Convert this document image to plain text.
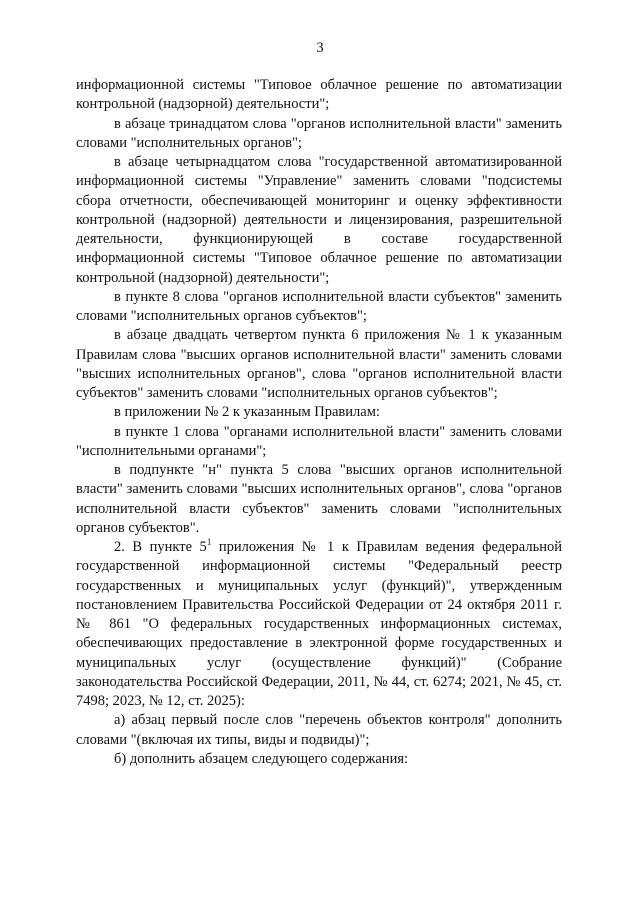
3

информационной системы "Типовое облачное решение по автоматизации контрольной (надзорной) деятельности";

в абзаце тринадцатом слова "органов исполнительной власти" заменить словами "исполнительных органов";

в абзаце четырнадцатом слова "государственной автоматизированной информационной системы "Управление" заменить словами "подсистемы сбора отчетности, обеспечивающей мониторинг и оценку эффективности контрольной (надзорной) деятельности и лицензирования, разрешительной деятельности, функционирующей в составе государственной информационной системы "Типовое облачное решение по автоматизации контрольной (надзорной) деятельности";

в пункте 8 слова "органов исполнительной власти субъектов" заменить словами "исполнительных органов субъектов";

в абзаце двадцать четвертом пункта 6 приложения № 1 к указанным Правилам слова "высших органов исполнительной власти" заменить словами "высших исполнительных органов", слова "органов исполнительной власти субъектов" заменить словами "исполнительных органов субъектов";

в приложении № 2 к указанным Правилам:

в пункте 1 слова "органами исполнительной власти" заменить словами "исполнительными органами";

в подпункте "н" пункта 5 слова "высших органов исполнительной власти" заменить словами "высших исполнительных органов", слова "органов исполнительной власти субъектов" заменить словами "исполнительных органов субъектов".

2. В пункте $5^1$ приложения № 1 к Правилам ведения федеральной государственной информационной системы "Федеральный реестр государственных и муниципальных услуг (функций)", утвержденным постановлением Правительства Российской Федерации от 24 октября 2011 г. № 861 "О федеральных государственных информационных системах, обеспечивающих предоставление в электронной форме государственных и муниципальных услуг (осуществление функций)" (Собрание законодательства Российской Федерации, 2011, № 44, ст. 6274; 2021, № 45, ст. 7498; 2023, № 12, ст. 2025):

а) абзац первый после слов "перечень объектов контроля" дополнить словами "(включая их типы, виды и подвиды)";

б) дополнить абзацем следующего содержания:
